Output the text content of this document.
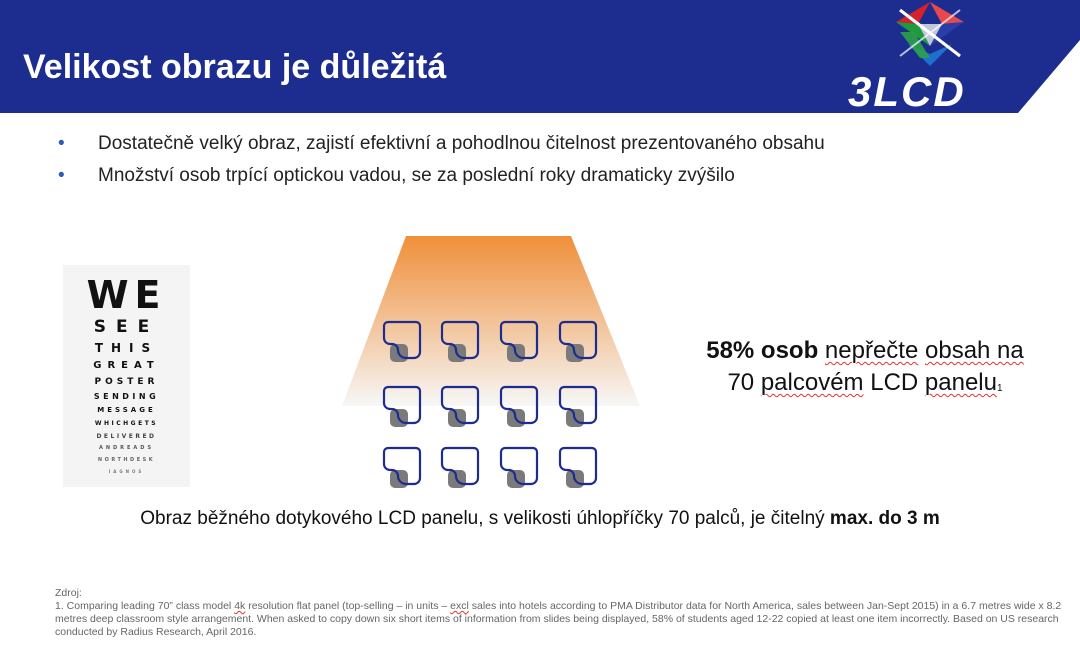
Velikost obrazu je důležitá
3LCD
• Dostatečně velký obraz, zajistí efektivní a pohodlnou čitelnost prezentovaného obsahu
• Množství osob trpící optickou vadou, se za poslední roky dramaticky zvýšilo
WE
SEE
THIS
GREAT
POSTER
SENDING
MESSAGE
WHICHGETS
DELIVERED
ANDREADS
NORTHDESK
IAGNOS
58% osob nepřečte obsah na
70 palcovém LCD panelu$^1$
Obraz běžného dotykového LCD panelu, s velikosti úhlopříčky 70 palců, je čitelný max. do 3 m
Zdroj:
1. Comparing leading 70” class model 4k resolution flat panel (top-selling – in units – excl sales into hotels according to PMA Distributor data for North America, sales between Jan-Sept 2015) in a 6.7 metres wide x 8.2 metres deep classroom style arrangement. When asked to copy down six short items of information from slides being displayed, 58% of students aged 12-22 copied at least one item incorrectly. Based on US research conducted by Radius Research, April 2016.
